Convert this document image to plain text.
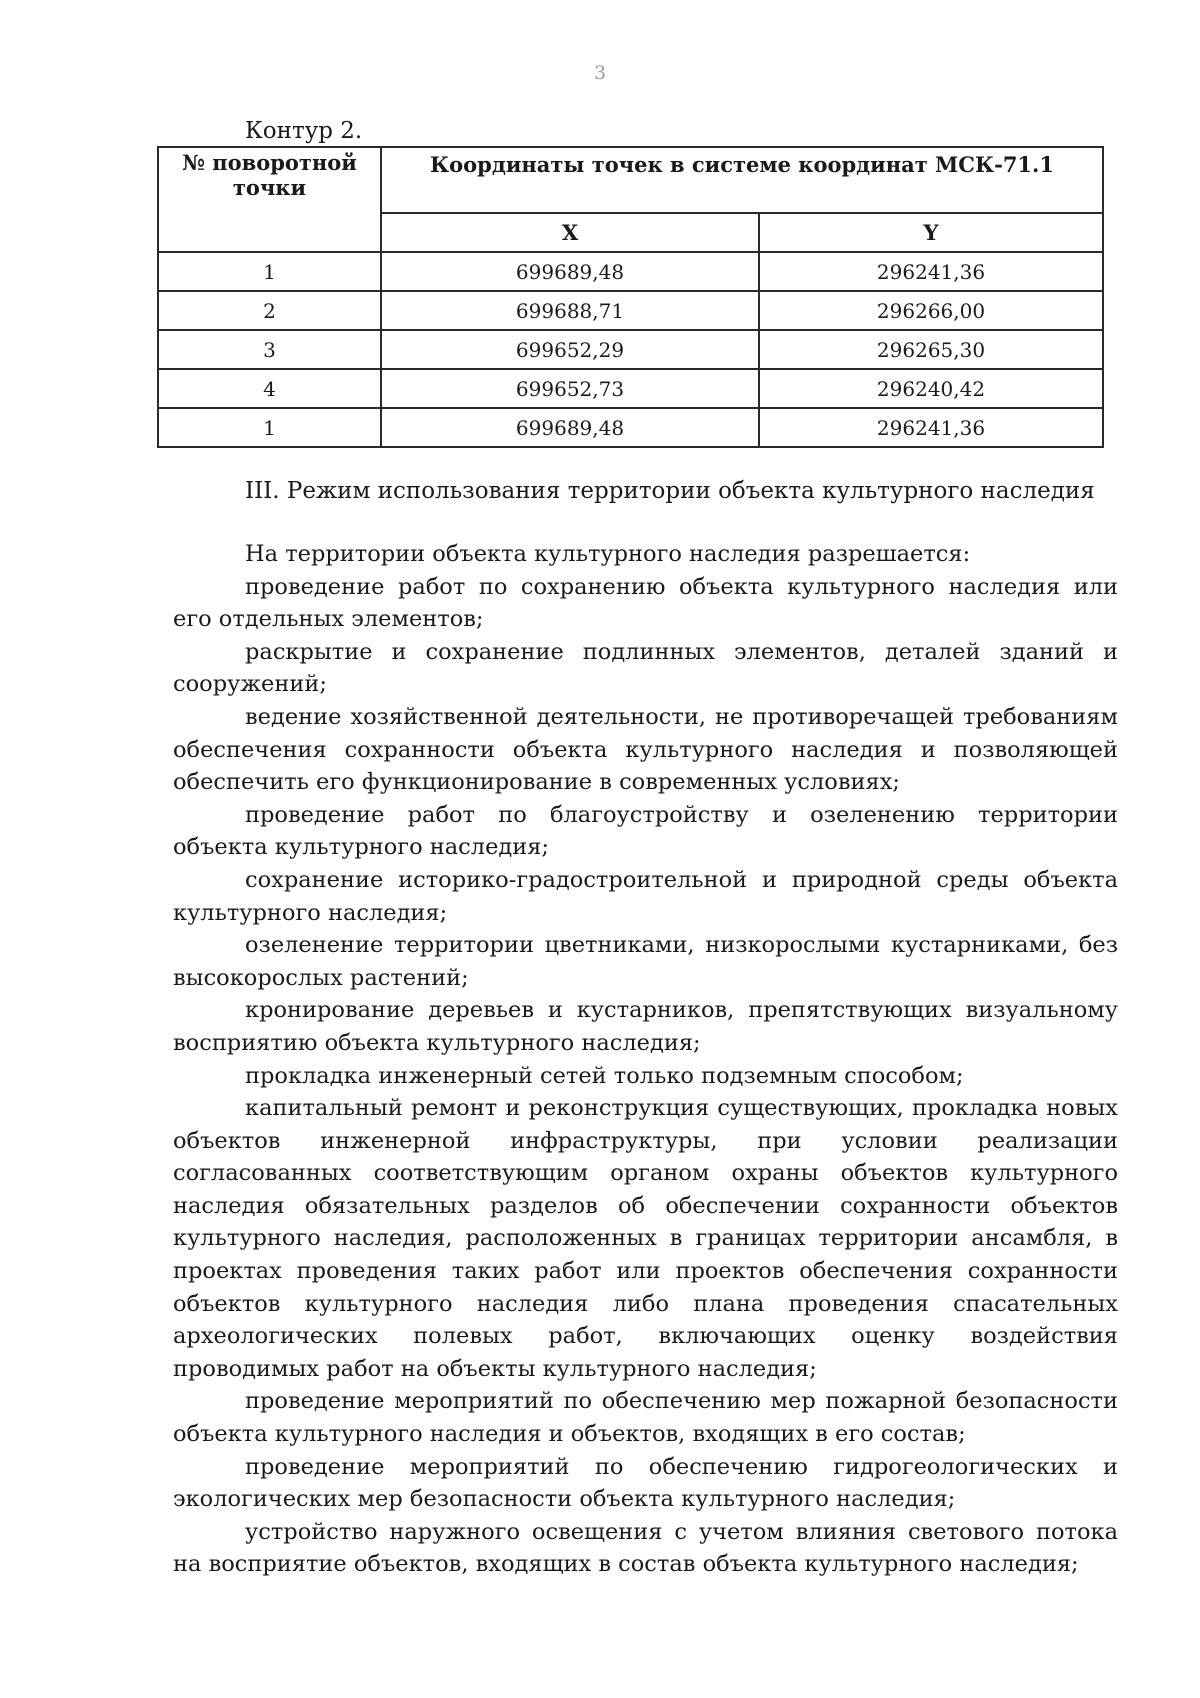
3
Контур 2.
№ поворотной точки	Координаты точек в системе координат МСК-71.1	
	X	Y
1	699689,48	296241,36
2	699688,71	296266,00
3	699652,29	296265,30
4	699652,73	296240,42
1	699689,48	296241,36
III. Режим использования территории объекта культурного наследия

На территории объекта культурного наследия разрешается:

проведение работ по сохранению объекта культурного наследия или его отдельных элементов;

раскрытие и сохранение подлинных элементов, деталей зданий и сооружений;

ведение хозяйственной деятельности, не противоречащей требованиям обеспечения сохранности объекта культурного наследия и позволяющей обеспечить его функционирование в современных условиях;

проведение работ по благоустройству и озеленению территории объекта культурного наследия;

сохранение историко-градостроительной и природной среды объекта культурного наследия;

озеленение территории цветниками, низкорослыми кустарниками, без высокорослых растений;

кронирование деревьев и кустарников, препятствующих визуальному восприятию объекта культурного наследия;

прокладка инженерный сетей только подземным способом;

капитальный ремонт и реконструкция существующих, прокладка новых объектов инженерной инфраструктуры, при условии реализации согласованных соответствующим органом охраны объектов культурного наследия обязательных разделов об обеспечении сохранности объектов культурного наследия, расположенных в границах территории ансамбля, в проектах проведения таких работ или проектов обеспечения сохранности объектов культурного наследия либо плана проведения спасательных археологических полевых работ, включающих оценку воздействия проводимых работ на объекты культурного наследия;

проведение мероприятий по обеспечению мер пожарной безопасности объекта культурного наследия и объектов, входящих в его состав;

проведение мероприятий по обеспечению гидрогеологических и экологических мер безопасности объекта культурного наследия;

устройство наружного освещения с учетом влияния светового потока на восприятие объектов, входящих в состав объекта культурного наследия;
